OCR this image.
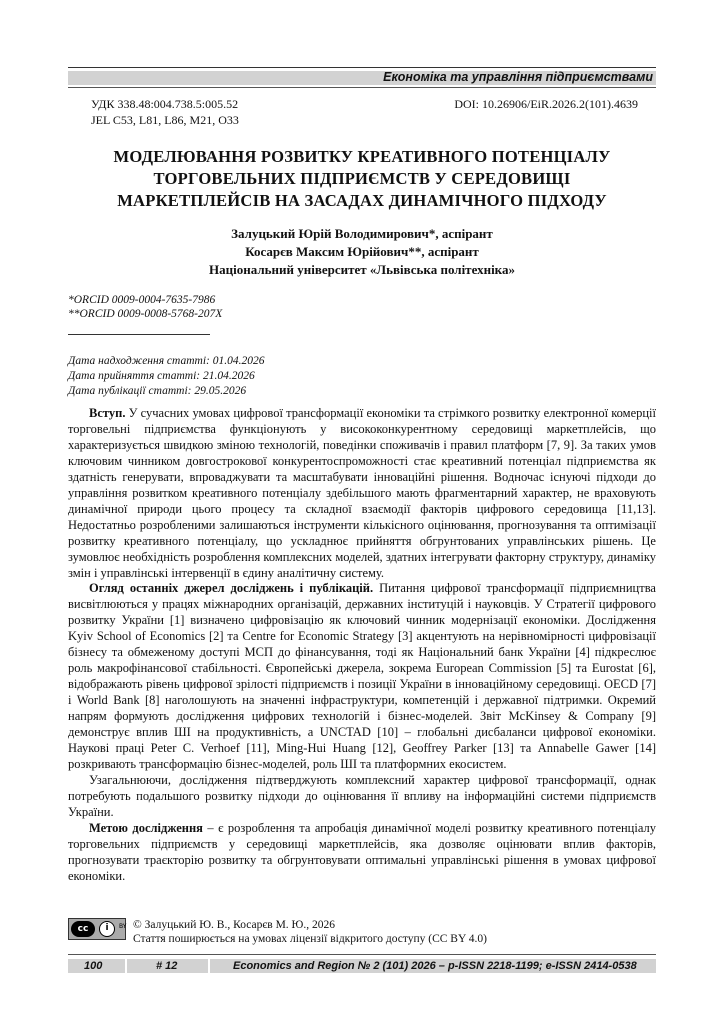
Економіка та управління підприємствами
УДК 338.48:004.738.5:005.52
JEL C53, L81, L86, M21, O33
DOI: 10.26906/EiR.2026.2(101).4639
МОДЕЛЮВАННЯ РОЗВИТКУ КРЕАТИВНОГО ПОТЕНЦІАЛУ
ТОРГОВЕЛЬНИХ ПІДПРИЄМСТВ У СЕРЕДОВИЩІ
МАРКЕТПЛЕЙСІВ НА ЗАСАДАХ ДИНАМІЧНОГО ПІДХОДУ
Залуцький Юрій Володимирович*, аспірант
Косарєв Максим Юрійович**, аспірант
Національний університет «Львівська політехніка»
*ORCID 0009-0004-7635-7986
**ORCID 0009-0008-5768-207X
Дата надходження статті: 01.04.2026
Дата прийняття статті: 21.04.2026
Дата публікації статті: 29.05.2026

Вступ. У сучасних умовах цифрової трансформації економіки та стрімкого розвитку електронної комерції торговельні підприємства функціонують у висококонкурентному середовищі маркетплейсів, що характеризується швидкою зміною технологій, поведінки споживачів і правил платформ [7, 9]. За таких умов ключовим чинником довгострокової конкурентоспроможності стає креативний потенціал підприємства як здатність генерувати, впроваджувати та масштабувати інноваційні рішення. Водночас існуючі підходи до управління розвитком креативного потенціалу здебільшого мають фрагментарний характер, не враховують динамічної природи цього процесу та складної взаємодії факторів цифрового середовища [11,13]. Недостатньо розробленими залишаються інструменти кількісного оцінювання, прогнозування та оптимізації розвитку креативного потенціалу, що ускладнює прийняття обгрунтованих управлінських рішень. Це зумовлює необхідність розроблення комплексних моделей, здатних інтегрувати факторну структуру, динаміку змін і управлінські інтервенції в єдину аналітичну систему.

Огляд останніх джерел досліджень і публікацій. Питання цифрової трансформації підприємництва висвітлюються у працях міжнародних організацій, державних інституцій і науковців. У Стратегії цифрового розвитку України [1] визначено цифровізацію як ключовий чинник модернізації економіки. Дослідження Kyiv School of Economics [2] та Centre for Economic Strategy [3] акцентують на нерівномірності цифровізації бізнесу та обмеженому доступі МСП до фінансування, тоді як Національний банк України [4] підкреслює роль макрофінансової стабільності. Європейські джерела, зокрема European Commission [5] та Eurostat [6], відображають рівень цифрової зрілості підприємств і позиції України в інноваційному середовищі. OECD [7] і World Bank [8] наголошують на значенні інфраструктури, компетенцій і державної підтримки. Окремий напрям формують дослідження цифрових технологій і бізнес-моделей. Звіт McKinsey & Company [9] демонструє вплив ШІ на продуктивність, а UNCTAD [10] – глобальні дисбаланси цифрової економіки. Наукові праці Peter C. Verhoef [11], Ming-Hui Huang [12], Geoffrey Parker [13] та Annabelle Gawer [14] розкривають трансформацію бізнес-моделей, роль ШІ та платформних екосистем.

Узагальнюючи, дослідження підтверджують комплексний характер цифрової трансформації, однак потребують подальшого розвитку підходи до оцінювання її впливу на інформаційні системи підприємств України.

Метою дослідження – є розроблення та апробація динамічної моделі розвитку креативного потенціалу торговельних підприємств у середовищі маркетплейсів, яка дозволяє оцінювати вплив факторів, прогнозувати траєкторію розвитку та обгрунтовувати оптимальні управлінські рішення в умовах цифрової економіки.

cc	i	BY © Залуцький Ю. В., Косарєв М. Ю., 2026
Стаття поширюється на умовах ліцензії відкритого доступу (CC BY 4.0)
100	# 12	Economics and Region № 2 (101) 2026 – p-ISSN 2218-1199; e-ISSN 2414-0538
